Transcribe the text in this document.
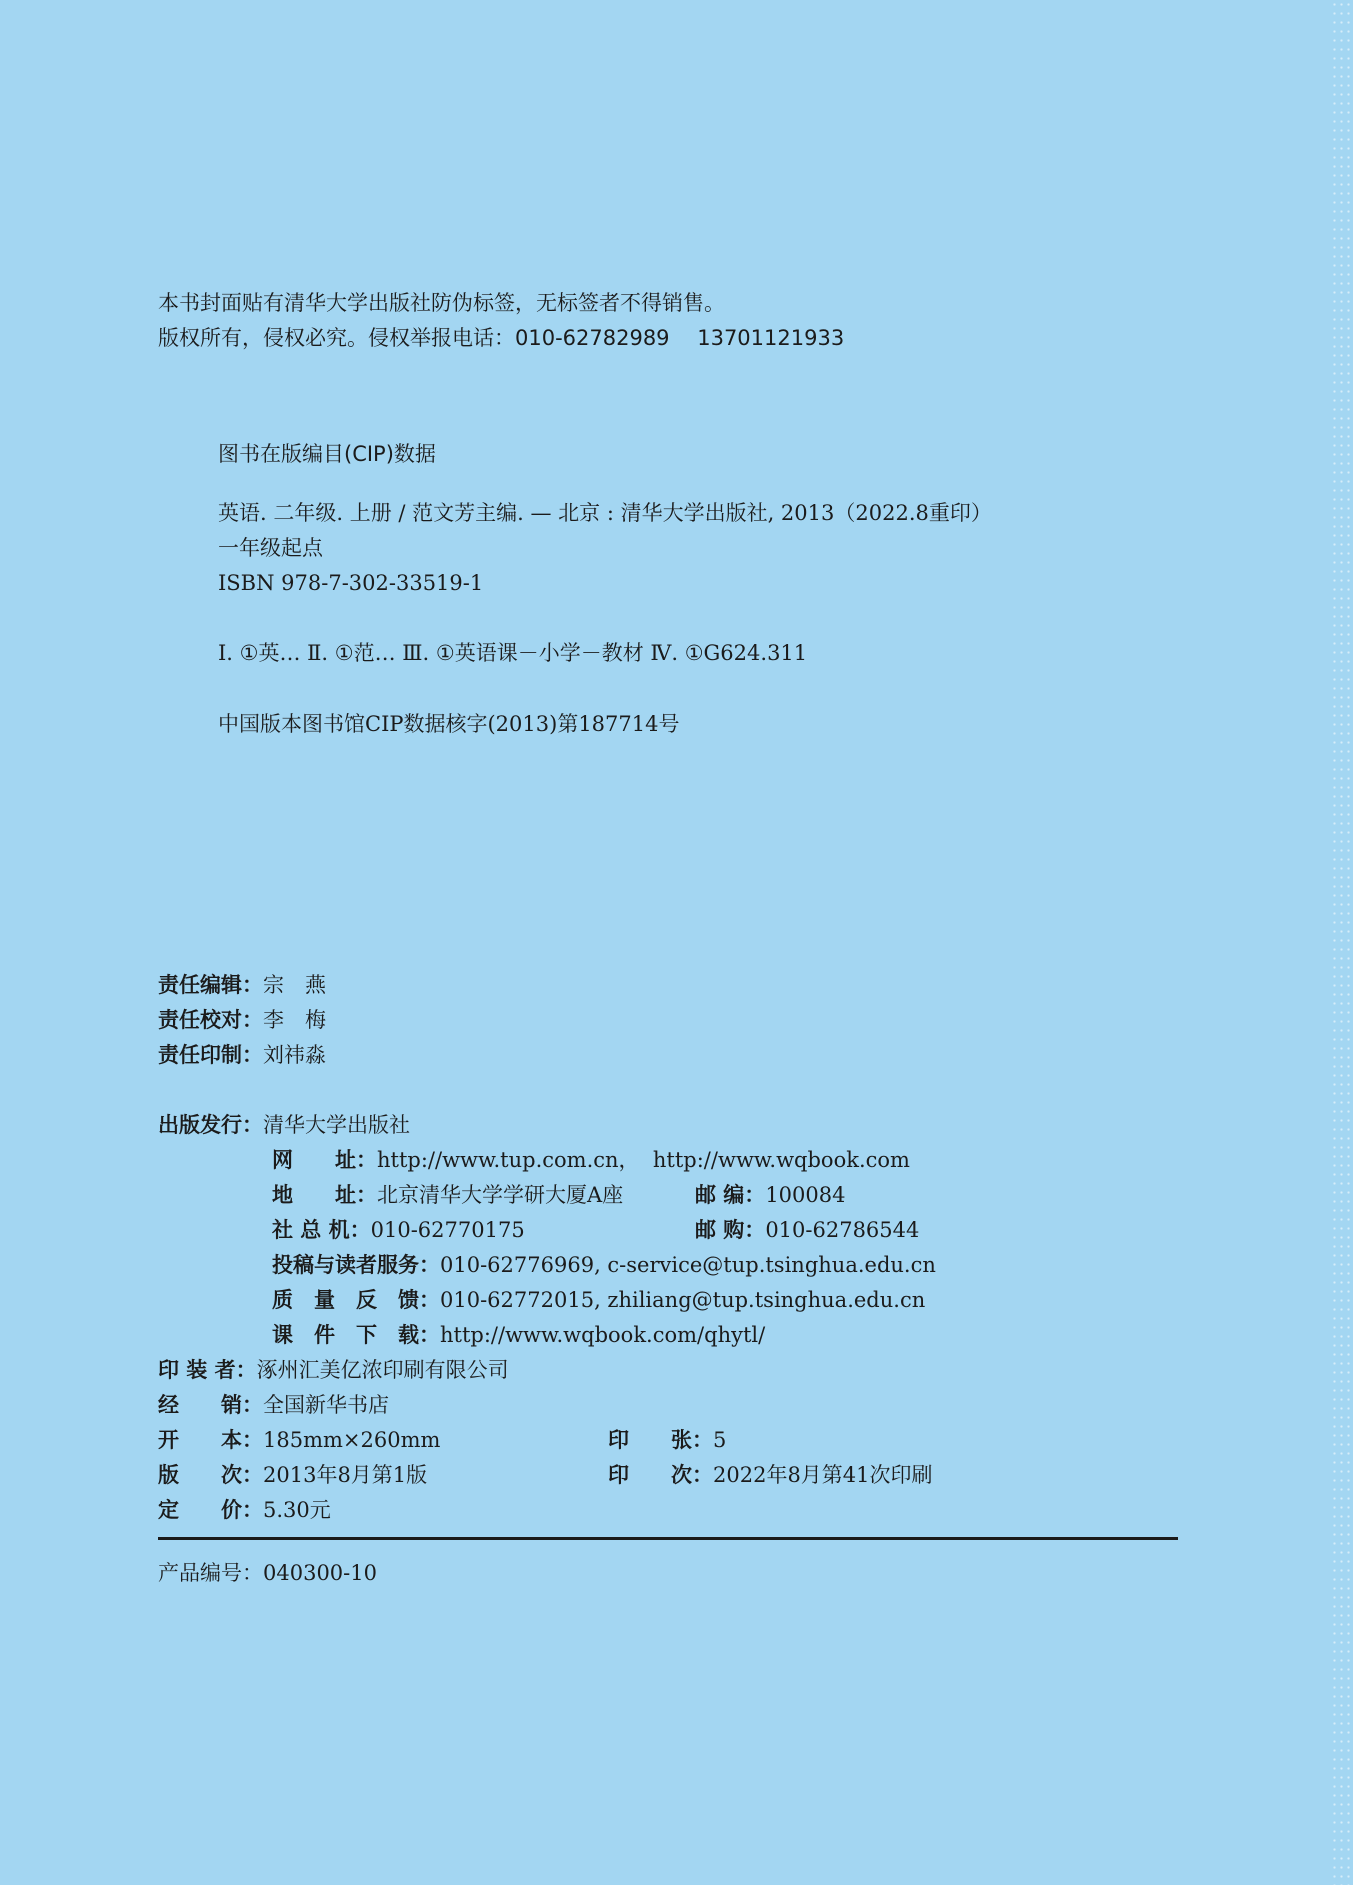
本书封面贴有清华大学出版社防伪标签，无标签者不得销售。
版权所有，侵权必究。侵权举报电话：010-62782989　 13701121933
图书在版编目(CIP)数据
英语. 二年级. 上册 / 范文芳主编. — 北京 : 清华大学出版社, 2013（2022.8重印）
一年级起点
ISBN 978-7-302-33519-1
Ⅰ. ①英… Ⅱ. ①范… Ⅲ. ①英语课－小学－教材 Ⅳ. ①G624.311
中国版本图书馆CIP数据核字(2013)第187714号
责任编辑：宗　燕
责任校对：李　梅
责任印制：刘祎淼
出版发行：清华大学出版社
网　　址：http://www.tup.com.cn，  http://www.wqbook.com
地　　址：北京清华大学学研大厦A座	邮 编：100084
社 总 机：010-62770175	邮 购：010-62786544
投稿与读者服务：010-62776969, c-service@tup.tsinghua.edu.cn
质　量　反　馈：010-62772015, zhiliang@tup.tsinghua.edu.cn
课　件　下　载：http://www.wqbook.com/qhytl/
印 装 者：涿州汇美亿浓印刷有限公司
经　　销：全国新华书店
开　　本：185mm×260mm	印　　张：5
版　　次：2013年8月第1版	印　　次：2022年8月第41次印刷
定　　价：5.30元
产品编号：040300-10
